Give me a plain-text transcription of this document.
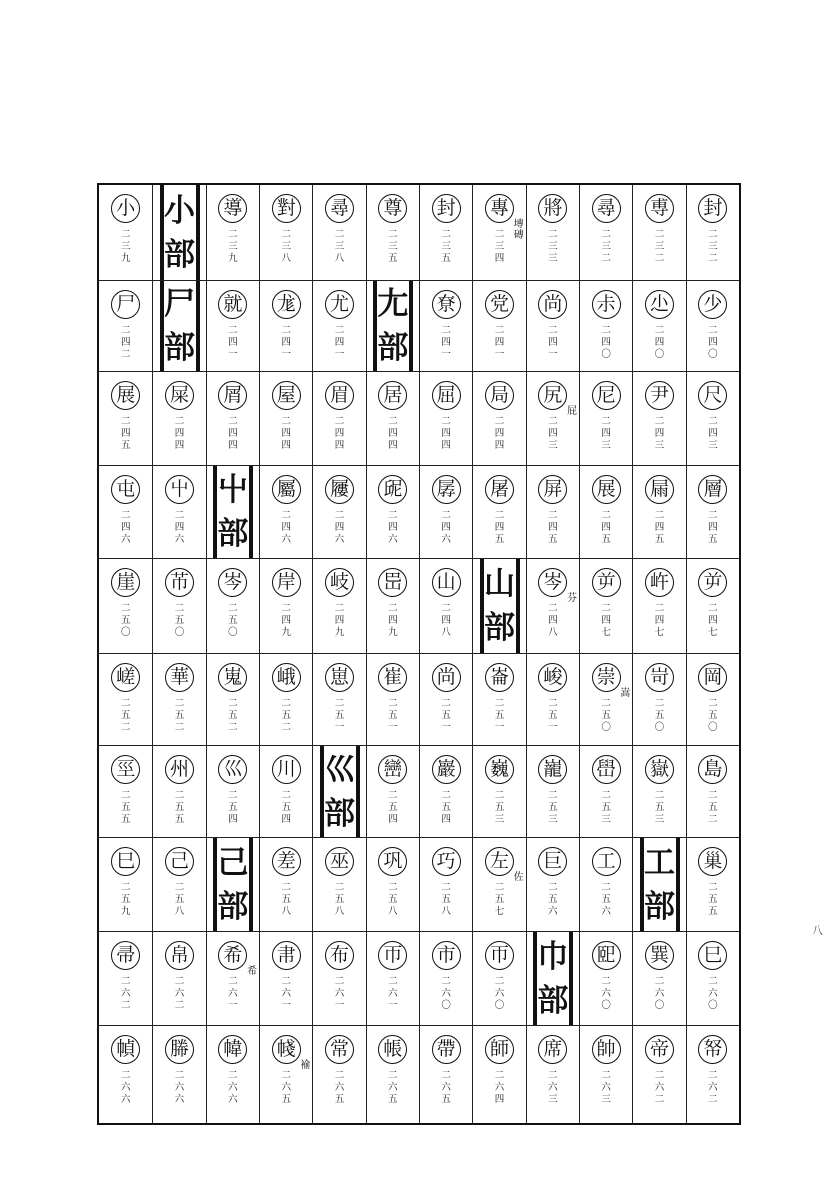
封
二三二
尃
二三二
尋
二三二
將
二三三
專
二三四
塼磚
封
二三五
尊
二三五
尋
二三八
對
二三八
導
二三九
小
部
小
二三九
少
二四〇
尐
二四〇
尗
二四〇
尚
二四一
党
二四一
尞
二四一
尢
部
尤
二四一
尨
二四一
就
二四一
尸
部
尸
二四二
尺
二四三
尹
二四三
尼
二四三
尻
二四三
屁
局
二四四
屈
二四四
居
二四四
眉
二四四
屋
二四四
屑
二四四
屎
二四四
展
二四五
層
二四五
屚
二四五
展
二四五
屏
二四五
屠
二四五
孱
二四六
屔
二四六
屨
二四六
屬
二四六
屮
部
屮
二四六
屯
二四六
屰
二四七
㞰
二四七
屰
二四七
岑
二四八
芬
山
部
山
二四八
岊
二四九
岐
二四九
岸
二四九
岑
二五〇
芇
二五〇
崖
二五〇
岡
二五〇
岢
二五〇
崇
二五〇
嵩
峻
二五一
崙
二五一
尚
二五一
崔
二五一
崽
二五一
峨
二五二
嵬
二五二
華
二五二
嵯
二五二
島
二五二
嶽
二五三
嶨
二五三
巃
二五三
巍
二五三
巖
二五四
巒
二五四
巛
部
川
二五四
巛
二五四
州
二五五
巠
二五五
巢
二五五
工
部
工
二五六
巨
二五六
左
二五七
佐
巧
二五八
巩
二五八
巫
二五八
差
二五八
己
部
己
二五八
巳
二五九
巳
二六〇
巽
二六〇
巸
二六〇
巾
部
帀
二六〇
市
二六〇
帀
二六一
布
二六一
帇
二六一
希
二六一
希
帛
二六二
帚
二六二
帑
二六二
帝
二六二
帥
二六三
席
二六三
師
二六四
帶
二六五
帳
二六五
常
二六五
帴
二六五
褕
幃
二六六
幐
二六六
幀
二六六
八
